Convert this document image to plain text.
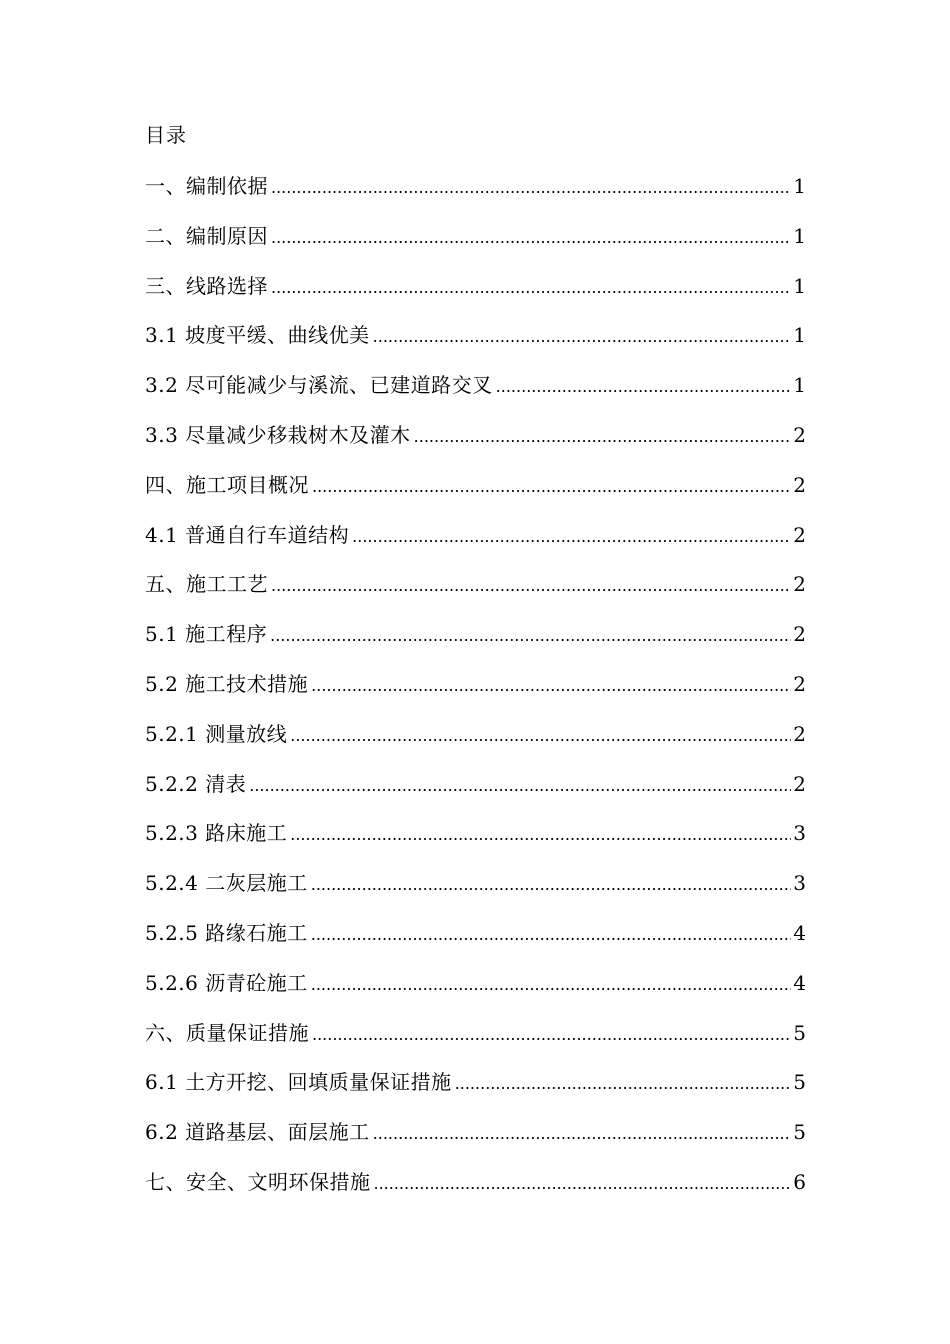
目录
一、编制依据 .....	1
二、编制原因 .....	1
三、线路选择 .....	1
3.1 坡度平缓、曲线优美 .....	1
3.2 尽可能减少与溪流、已建道路交叉 .....	1
3.3 尽量减少移栽树木及灌木 .....	2
四、施工项目概况 .....	2
4.1 普通自行车道结构 .....	2
五、施工工艺 .....	2
5.1 施工程序 .....	2
5.2 施工技术措施 .....	2
5.2.1 测量放线 .....	2
5.2.2 清表 .....	2
5.2.3 路床施工 .....	3
5.2.4 二灰层施工 .....	3
5.2.5 路缘石施工 .....	4
5.2.6 沥青砼施工 .....	4
六、质量保证措施 .....	5
6.1 土方开挖、回填质量保证措施 .....	5
6.2 道路基层、面层施工 .....	5
七、安全、文明环保措施 .....	6
